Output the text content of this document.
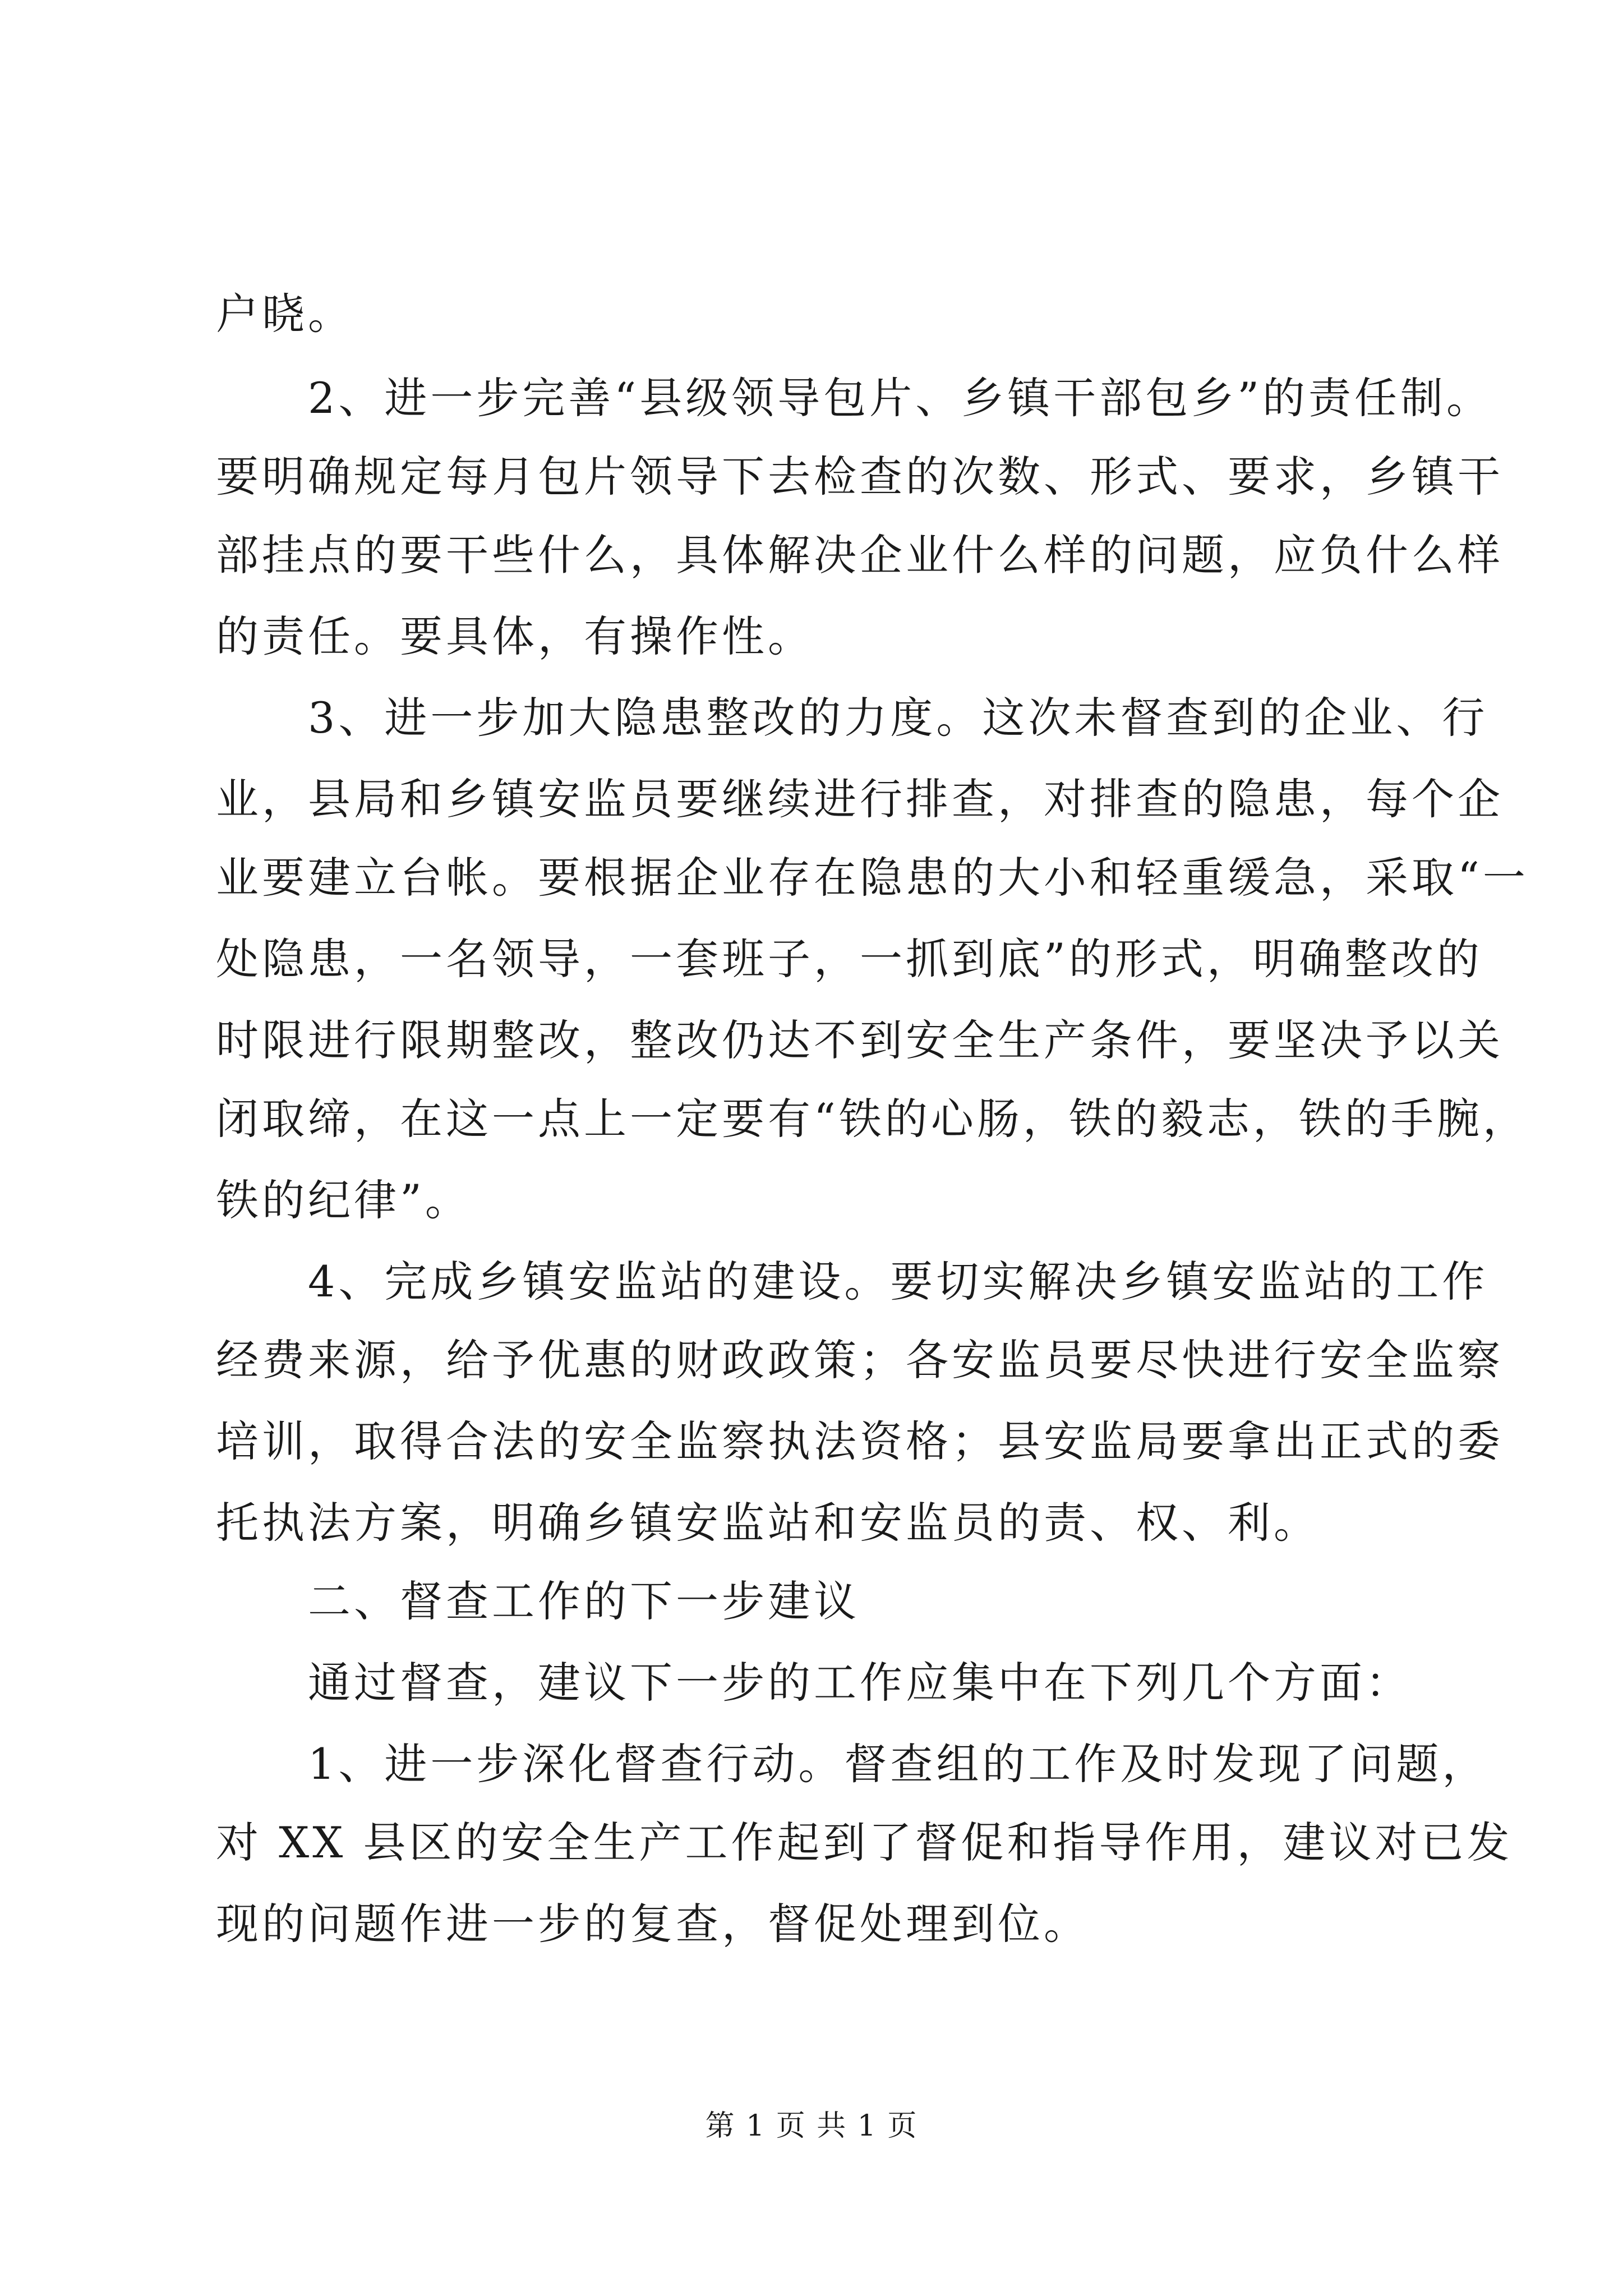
户晓。
　　2、进一步完善“县级领导包片、乡镇干部包乡”的责任制。
要明确规定每月包片领导下去检查的次数、形式、要求，乡镇干
部挂点的要干些什么，具体解决企业什么样的问题，应负什么样
的责任。要具体，有操作性。
　　3、进一步加大隐患整改的力度。这次未督查到的企业、行
业，县局和乡镇安监员要继续进行排查，对排查的隐患，每个企
业要建立台帐。要根据企业存在隐患的大小和轻重缓急，采取“一
处隐患，一名领导，一套班子，一抓到底”的形式，明确整改的
时限进行限期整改，整改仍达不到安全生产条件，要坚决予以关
闭取缔，在这一点上一定要有“铁的心肠，铁的毅志，铁的手腕，
铁的纪律”。
　　4、完成乡镇安监站的建设。要切实解决乡镇安监站的工作
经费来源，给予优惠的财政政策；各安监员要尽快进行安全监察
培训，取得合法的安全监察执法资格；县安监局要拿出正式的委
托执法方案，明确乡镇安监站和安监员的责、权、利。
　　二、督查工作的下一步建议
　　通过督查，建议下一步的工作应集中在下列几个方面：
　　1、进一步深化督查行动。督查组的工作及时发现了问题，
对 XX 县区的安全生产工作起到了督促和指导作用，建议对已发
现的问题作进一步的复查，督促处理到位。
第 1 页 共 1 页
